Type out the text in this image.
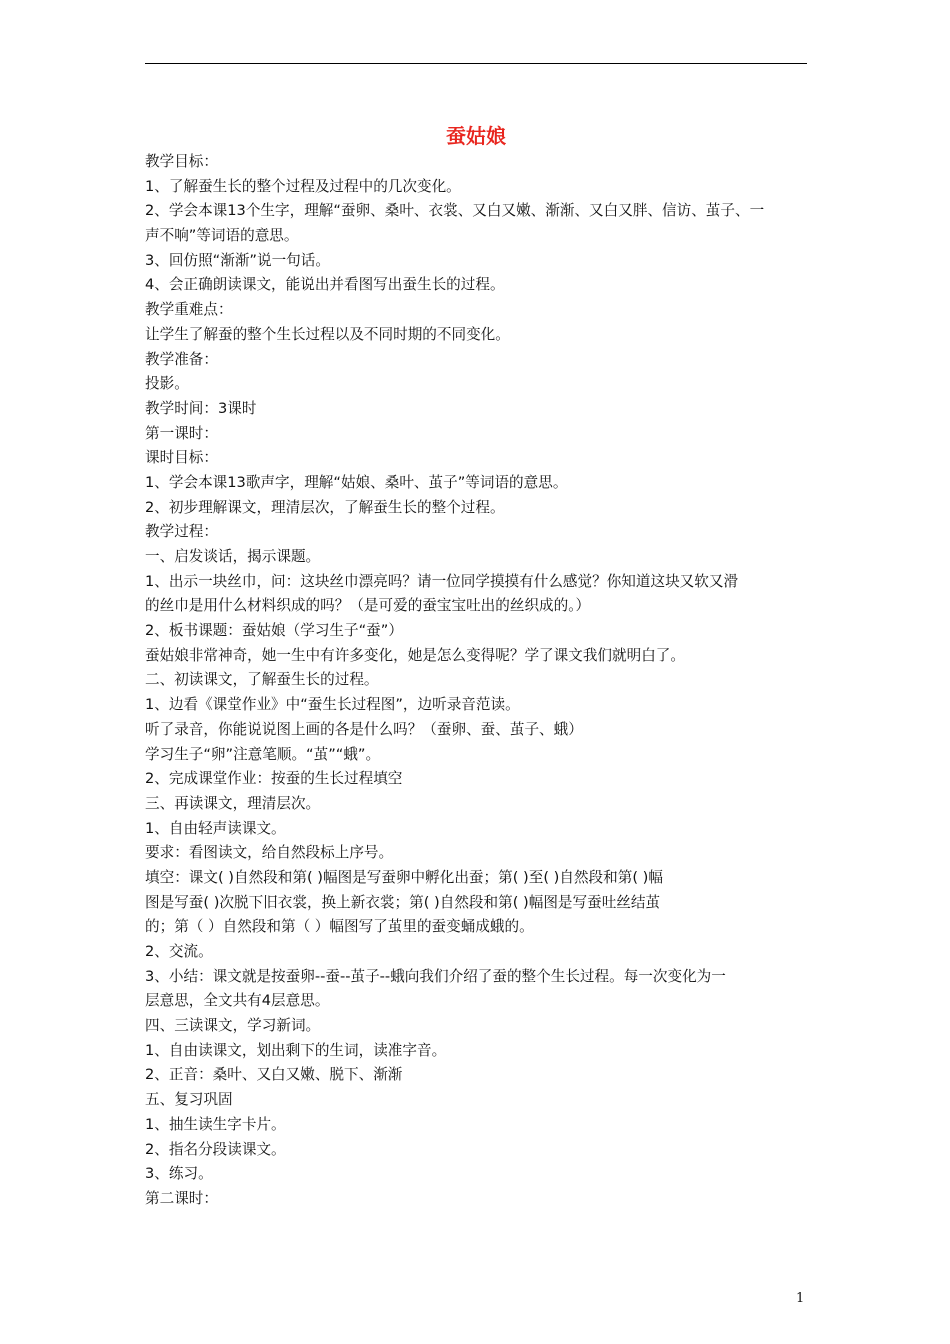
蚕姑娘
教学目标：
1、了解蚕生长的整个过程及过程中的几次变化。
2、学会本课13个生字，理解“蚕卵、桑叶、衣裳、又白又嫩、渐渐、又白又胖、信访、茧子、一
声不响”等词语的意思。
3、回仿照“渐渐”说一句话。
4、会正确朗读课文，能说出并看图写出蚕生长的过程。
教学重难点：
让学生了解蚕的整个生长过程以及不同时期的不同变化。
教学准备：
投影。
教学时间：3课时
第一课时：
课时目标：
1、学会本课13歌声字，理解“姑娘、桑叶、茧子”等词语的意思。
2、初步理解课文，理清层次，了解蚕生长的整个过程。
教学过程：
一、启发谈话，揭示课题。
1、出示一块丝巾，问：这块丝巾漂亮吗？请一位同学摸摸有什么感觉？你知道这块又软又滑
的丝巾是用什么材料织成的吗？（是可爱的蚕宝宝吐出的丝织成的。）
2、板书课题：蚕姑娘（学习生子“蚕”）
蚕姑娘非常神奇，她一生中有许多变化，她是怎么变得呢？学了课文我们就明白了。
二、初读课文，了解蚕生长的过程。
1、边看《课堂作业》中“蚕生长过程图”，边听录音范读。
听了录音，你能说说图上画的各是什么吗？（蚕卵、蚕、茧子、蛾）
学习生子“卵”注意笔顺。“茧”“蛾”。
2、完成课堂作业：按蚕的生长过程填空
三、再读课文，理清层次。
1、自由轻声读课文。
要求：看图读文，给自然段标上序号。
填空：课文( )自然段和第( )幅图是写蚕卵中孵化出蚕；第( )至( )自然段和第( )幅
图是写蚕( )次脱下旧衣裳，换上新衣裳；第( )自然段和第( )幅图是写蚕吐丝结茧
的；第（ ）自然段和第（ ）幅图写了茧里的蚕变蛹成蛾的。
2、交流。
3、小结：课文就是按蚕卵--蚕--茧子--蛾向我们介绍了蚕的整个生长过程。每一次变化为一
层意思，全文共有4层意思。
四、三读课文，学习新词。
1、自由读课文，划出剩下的生词，读准字音。
2、正音：桑叶、又白又嫩、脱下、渐渐
五、复习巩固
1、抽生读生字卡片。
2、指名分段读课文。
3、练习。
第二课时：
1
